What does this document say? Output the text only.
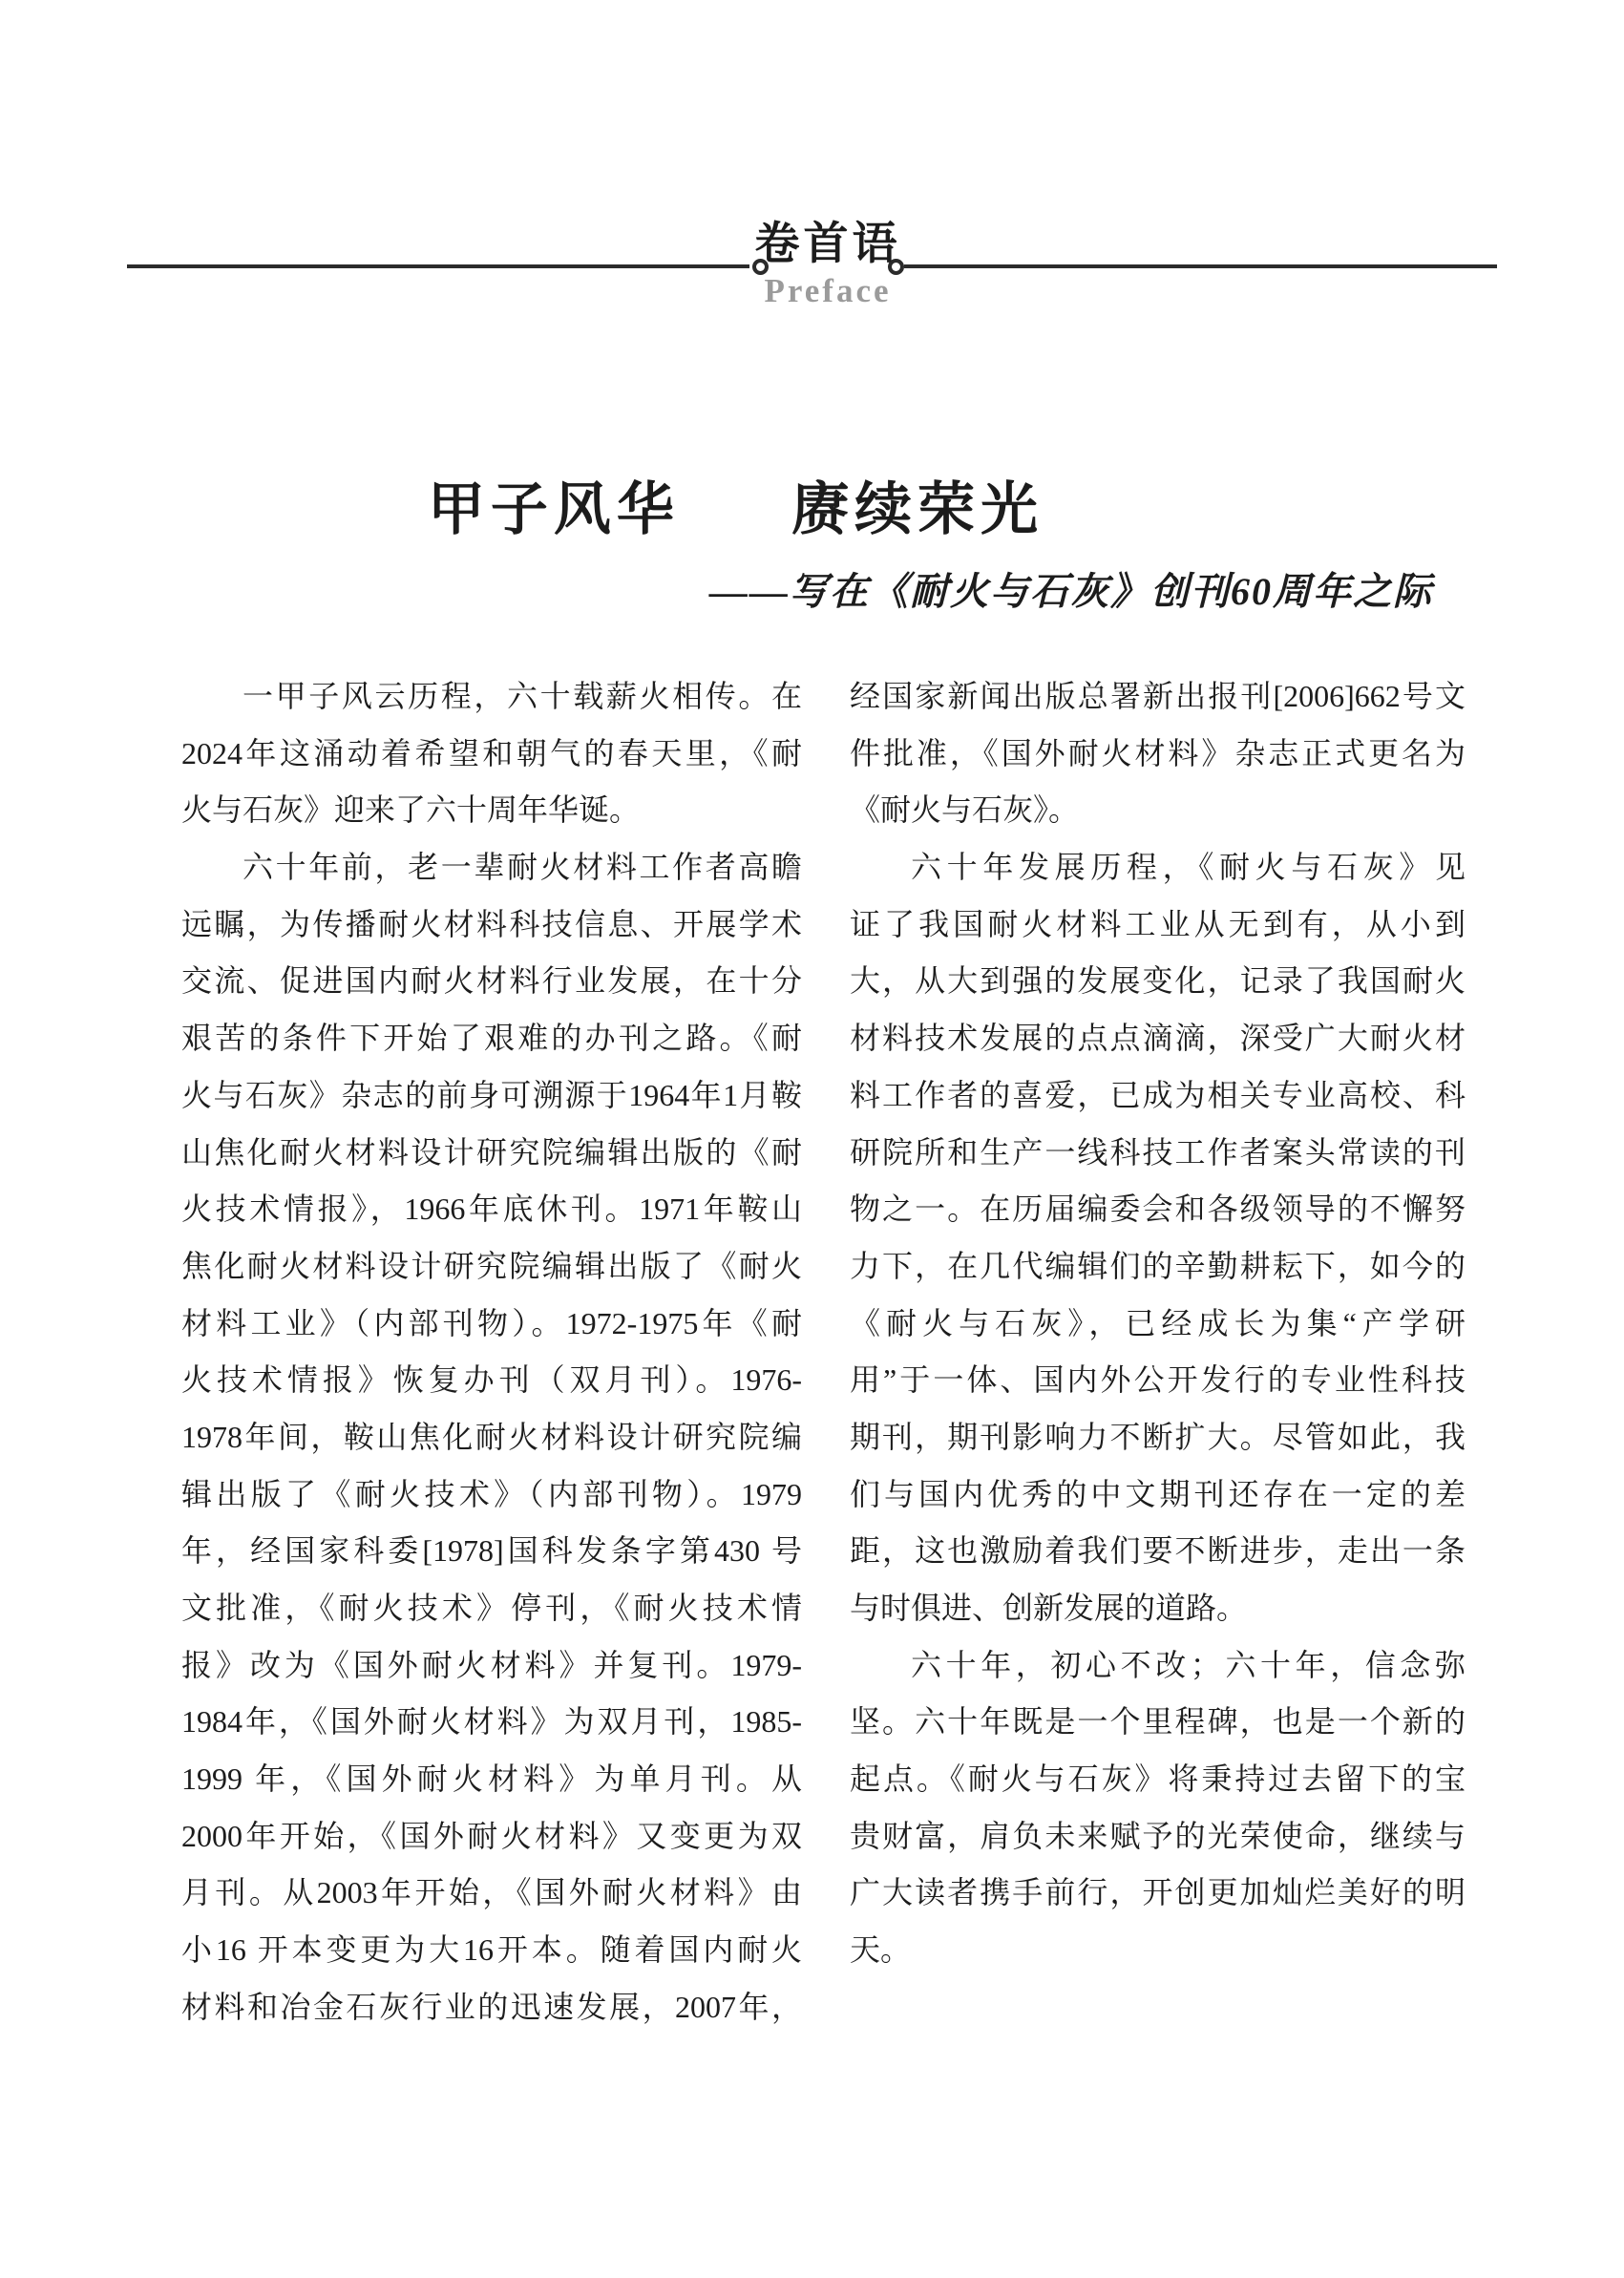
卷首语
Preface
甲子风华 赓续荣光
——写在《耐火与石灰》创刊60周年之际
一甲子风云历程，六十载薪火相传。在
2024年这涌动着希望和朝气的春天里，《耐
火与石灰》迎来了六十周年华诞。
六十年前，老一辈耐火材料工作者高瞻
远瞩，为传播耐火材料科技信息、开展学术
交流、促进国内耐火材料行业发展，在十分
艰苦的条件下开始了艰难的办刊之路。《耐
火与石灰》杂志的前身可溯源于1964年1月鞍
山焦化耐火材料设计研究院编辑出版的《耐
火技术情报》，1966年底休刊。1971年鞍山
焦化耐火材料设计研究院编辑出版了《耐火
材料工业》（内部刊物）。1972-1975年《耐
火技术情报》恢复办刊（双月刊）。1976-
1978年间，鞍山焦化耐火材料设计研究院编
辑出版了《耐火技术》（内部刊物）。1979
年，经国家科委[1978]国科发条字第430 号
文批准，《耐火技术》停刊，《耐火技术情
报》改为《国外耐火材料》并复刊。1979-
1984年，《国外耐火材料》为双月刊，1985-
1999 年，《国外耐火材料》为单月刊。从
2000年开始，《国外耐火材料》又变更为双
月刊。从2003年开始，《国外耐火材料》由
小16 开本变更为大16开本。随着国内耐火
材料和冶金石灰行业的迅速发展，2007年，
经国家新闻出版总署新出报刊[2006]662号文
件批准，《国外耐火材料》杂志正式更名为
《耐火与石灰》。
六十年发展历程，《耐火与石灰》见
证了我国耐火材料工业从无到有，从小到
大，从大到强的发展变化，记录了我国耐火
材料技术发展的点点滴滴，深受广大耐火材
料工作者的喜爱，已成为相关专业高校、科
研院所和生产一线科技工作者案头常读的刊
物之一。在历届编委会和各级领导的不懈努
力下，在几代编辑们的辛勤耕耘下，如今的
《耐火与石灰》，已经成长为集“产学研
用”于一体、国内外公开发行的专业性科技
期刊，期刊影响力不断扩大。尽管如此，我
们与国内优秀的中文期刊还存在一定的差
距，这也激励着我们要不断进步，走出一条
与时俱进、创新发展的道路。
六十年，初心不改；六十年，信念弥
坚。六十年既是一个里程碑，也是一个新的
起点。《耐火与石灰》将秉持过去留下的宝
贵财富，肩负未来赋予的光荣使命，继续与
广大读者携手前行，开创更加灿烂美好的明
天。
